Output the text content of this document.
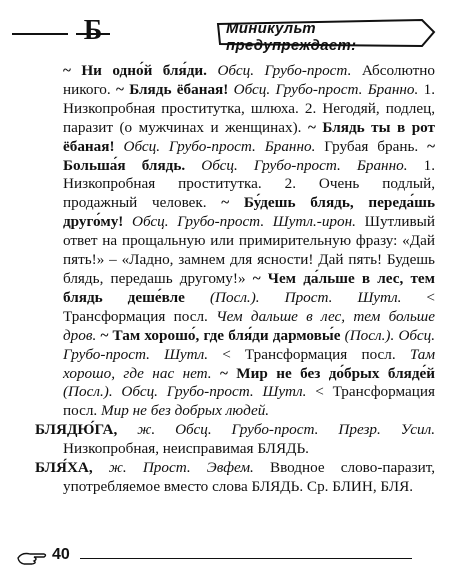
Б	Миникульт предупреждает:

~ Ни одно́й бля́ди. Обсц. Грубо-прост. Абсолютно никого. ~ Блядь ёбаная! Обсц. Грубо-прост. Бранно. 1. Низкопробная проститутка, шлюха. 2. Негодяй, подлец, паразит (о мужчинах и женщинах). ~ Блядь ты в рот ёбаная! Обсц. Грубо-прост. Бранно. Грубая брань. ~ Больша́я блядь. Обсц. Грубо-прост. Бранно. 1. Низкопробная проститутка. 2. Очень подлый, продажный человек. ~ Бу́дешь блядь, переда́шь друго́му! Обсц. Грубо-прост. Шутл.-ирон. Шутливый ответ на прощальную или примирительную фразу: «Дай пять!» – «Ладно, замнем для ясности! Дай пять! Будешь блядь, передашь другому!» ~ Чем да́льше в лес, тем блядь деше́вле (Посл.). Прост. Шутл. < Трансформация посл. Чем дальше в лес, тем больше дров. ~ Там хорошо́, где бля́ди дармовы́е (Посл.). Обсц. Грубо-прост. Шутл. < Трансформация посл. Там хорошо, где нас нет. ~ Мир не без до́брых бляде́й (Посл.). Обсц. Грубо-прост. Шутл. < Трансформация посл. Мир не без добрых людей.

БЛЯДЮ́ГА, ж. Обсц. Грубо-прост. Презр. Усил. Низкопробная, неисправимая БЛЯДЬ.

БЛЯ́ХА, ж. Прост. Эвфем. Вводное слово-паразит, употребляемое вместо слова БЛЯДЬ. Ср. БЛИН, БЛЯ.

40
